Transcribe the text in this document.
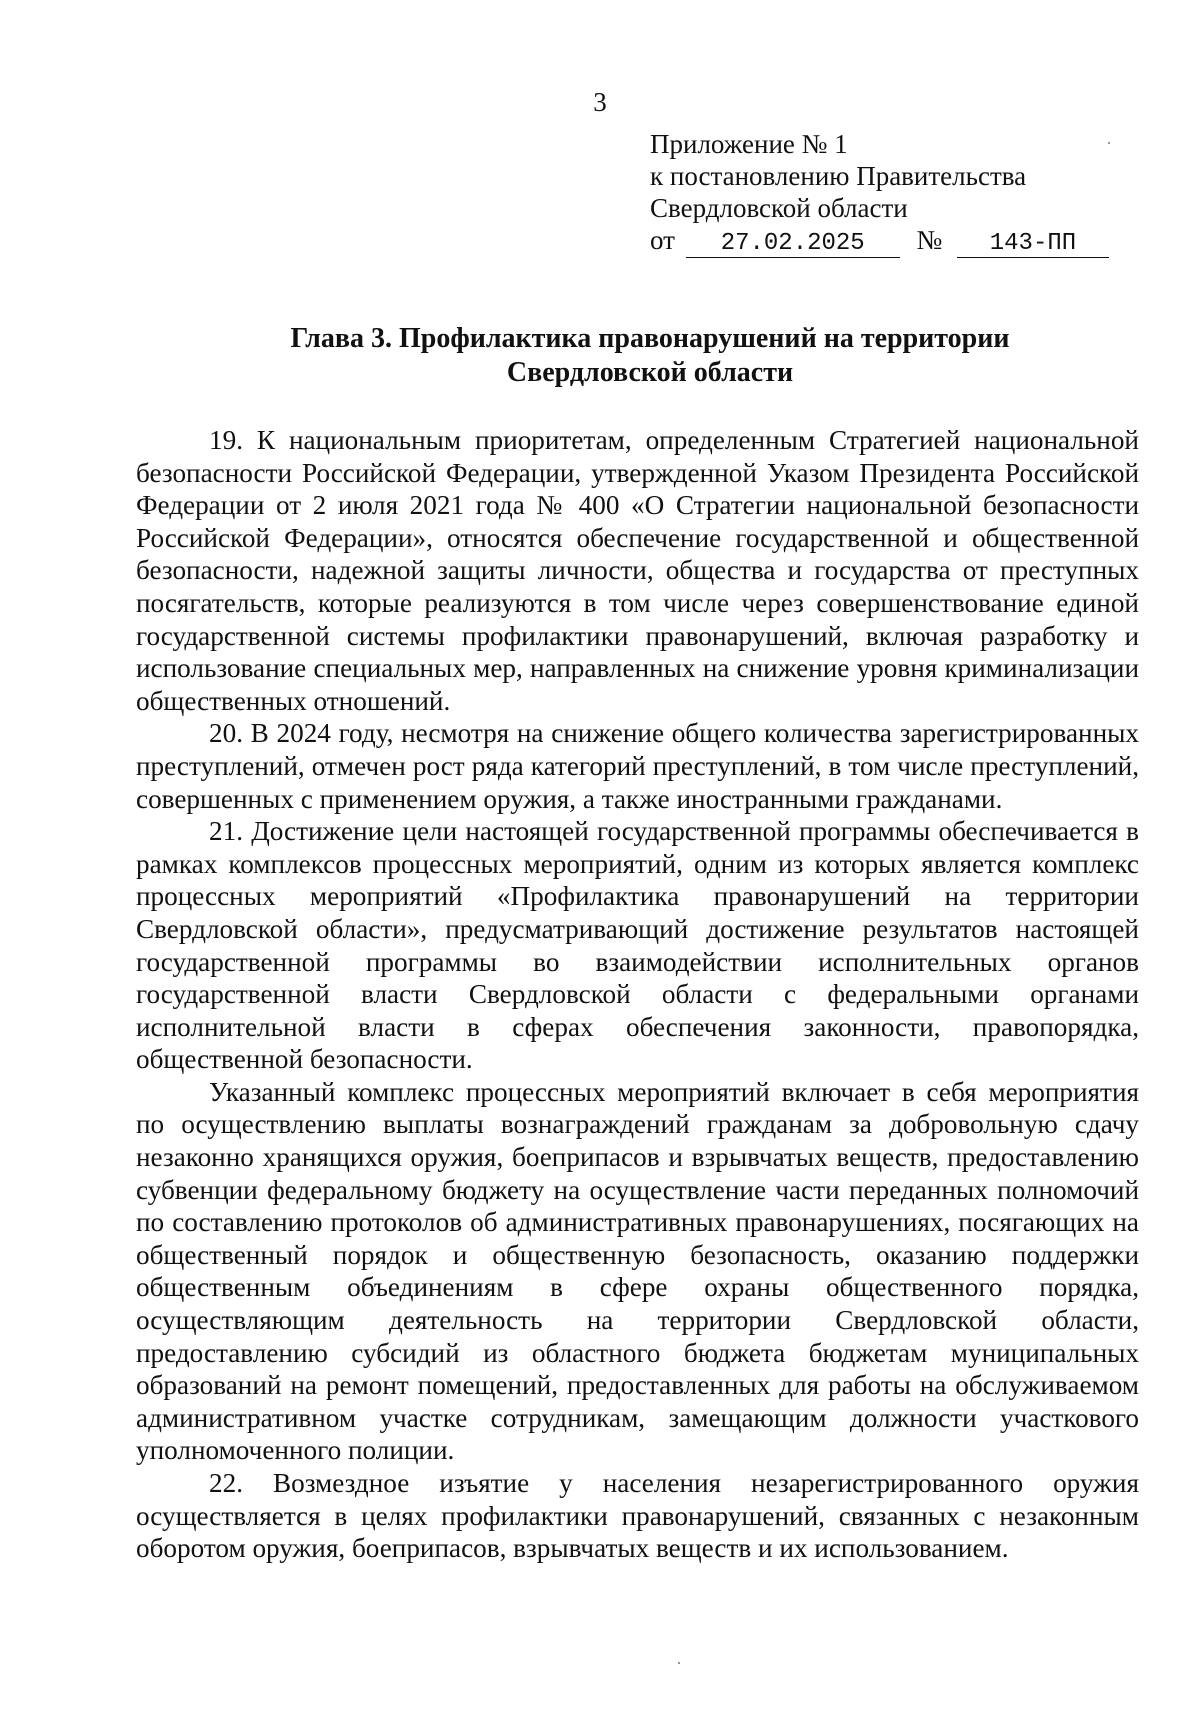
3
Приложение № 1
к постановлению Правительства
Свердловской области
от 27.02.2025 № 143-ПП
Глава 3. Профилактика правонарушений на территории
Свердловской области

19. К национальным приоритетам, определенным Стратегией национальной безопасности Российской Федерации, утвержденной Указом Президента Российской Федерации от 2 июля 2021 года № 400 «О Стратегии национальной безопасности Российской Федерации», относятся обеспечение государственной и общественной безопасности, надежной защиты личности, общества и государства от преступных посягательств, которые реализуются в том числе через совершенствование единой государственной системы профилактики правонарушений, включая разработку и использование специальных мер, направленных на снижение уровня криминализации общественных отношений.

20. В 2024 году, несмотря на снижение общего количества зарегистрированных преступлений, отмечен рост ряда категорий преступлений, в том числе преступлений, совершенных с применением оружия, а также иностранными гражданами.

21. Достижение цели настоящей государственной программы обеспечивается в рамках комплексов процессных мероприятий, одним из которых является комплекс процессных мероприятий «Профилактика правонарушений на территории Свердловской области», предусматривающий достижение результатов настоящей государственной программы во взаимодействии исполнительных органов государственной власти Свердловской области с федеральными органами исполнительной власти в сферах обеспечения законности, правопорядка, общественной безопасности.

Указанный комплекс процессных мероприятий включает в себя мероприятия по осуществлению выплаты вознаграждений гражданам за добровольную сдачу незаконно хранящихся оружия, боеприпасов и взрывчатых веществ, предоставлению субвенции федеральному бюджету на осуществление части переданных полномочий по составлению протоколов об административных правонарушениях, посягающих на общественный порядок и общественную безопасность, оказанию поддержки общественным объединениям в сфере охраны общественного порядка, осуществляющим деятельность на территории Свердловской области, предоставлению субсидий из областного бюджета бюджетам муниципальных образований на ремонт помещений, предоставленных для работы на обслуживаемом административном участке сотрудникам, замещающим должности участкового уполномоченного полиции.

22. Возмездное изъятие у населения незарегистрированного оружия осуществляется в целях профилактики правонарушений, связанных с незаконным оборотом оружия, боеприпасов, взрывчатых веществ и их использованием.
